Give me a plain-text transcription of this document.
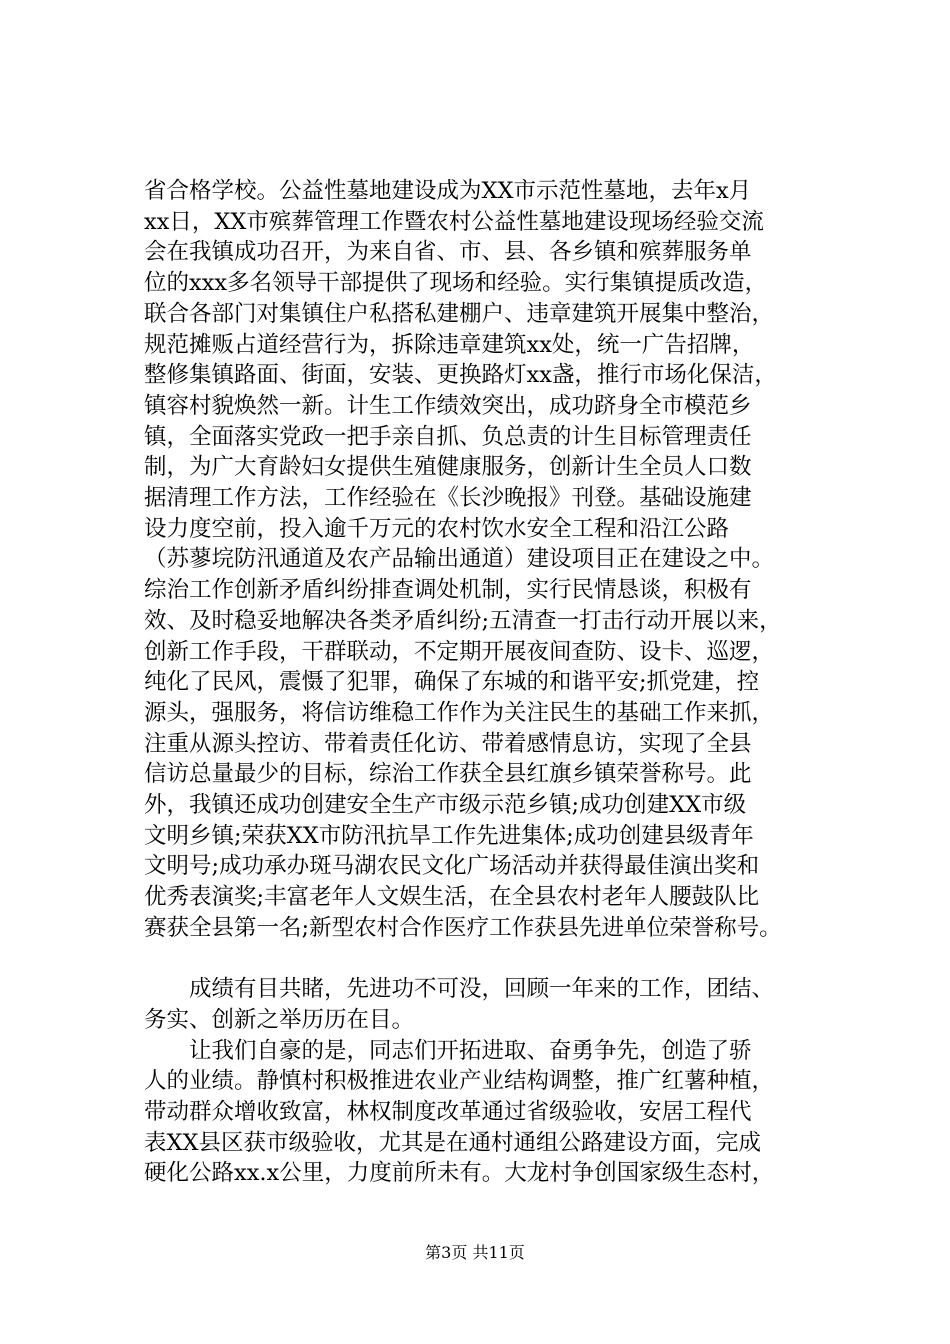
省合格学校。公益性墓地建设成为XX市示范性墓地，去年x月
xx日，XX市殡葬管理工作暨农村公益性墓地建设现场经验交流
会在我镇成功召开，为来自省、市、县、各乡镇和殡葬服务单
位的xxx多名领导干部提供了现场和经验。实行集镇提质改造，
联合各部门对集镇住户私搭私建棚户、违章建筑开展集中整治，
规范摊贩占道经营行为，拆除违章建筑xx处，统一广告招牌，
整修集镇路面、街面，安装、更换路灯xx盏，推行市场化保洁，
镇容村貌焕然一新。计生工作绩效突出，成功跻身全市模范乡
镇，全面落实党政一把手亲自抓、负总责的计生目标管理责任
制，为广大育龄妇女提供生殖健康服务，创新计生全员人口数
据清理工作方法，工作经验在《长沙晚报》刊登。基础设施建
设力度空前，投入逾千万元的农村饮水安全工程和沿江公路
（苏蓼垸防汛通道及农产品输出通道）建设项目正在建设之中。
综治工作创新矛盾纠纷排查调处机制，实行民情恳谈，积极有
效、及时稳妥地解决各类矛盾纠纷;五清查一打击行动开展以来，
创新工作手段，干群联动，不定期开展夜间查防、设卡、巡逻，
纯化了民风，震慑了犯罪，确保了东城的和谐平安;抓党建，控
源头，强服务，将信访维稳工作作为关注民生的基础工作来抓，
注重从源头控访、带着责任化访、带着感情息访，实现了全县
信访总量最少的目标，综治工作获全县红旗乡镇荣誉称号。此
外，我镇还成功创建安全生产市级示范乡镇;成功创建XX市级
文明乡镇;荣获XX市防汛抗旱工作先进集体;成功创建县级青年
文明号;成功承办斑马湖农民文化广场活动并获得最佳演出奖和
优秀表演奖;丰富老年人文娱生活，在全县农村老年人腰鼓队比
赛获全县第一名;新型农村合作医疗工作获县先进单位荣誉称号。
成绩有目共睹，先进功不可没，回顾一年来的工作，团结、
务实、创新之举历历在目。
让我们自豪的是，同志们开拓进取、奋勇争先，创造了骄
人的业绩。静慎村积极推进农业产业结构调整，推广红薯种植，
带动群众增收致富，林权制度改革通过省级验收，安居工程代
表XX县区获市级验收，尤其是在通村通组公路建设方面，完成
硬化公路xx.x公里，力度前所未有。大龙村争创国家级生态村，
第3页 共11页
